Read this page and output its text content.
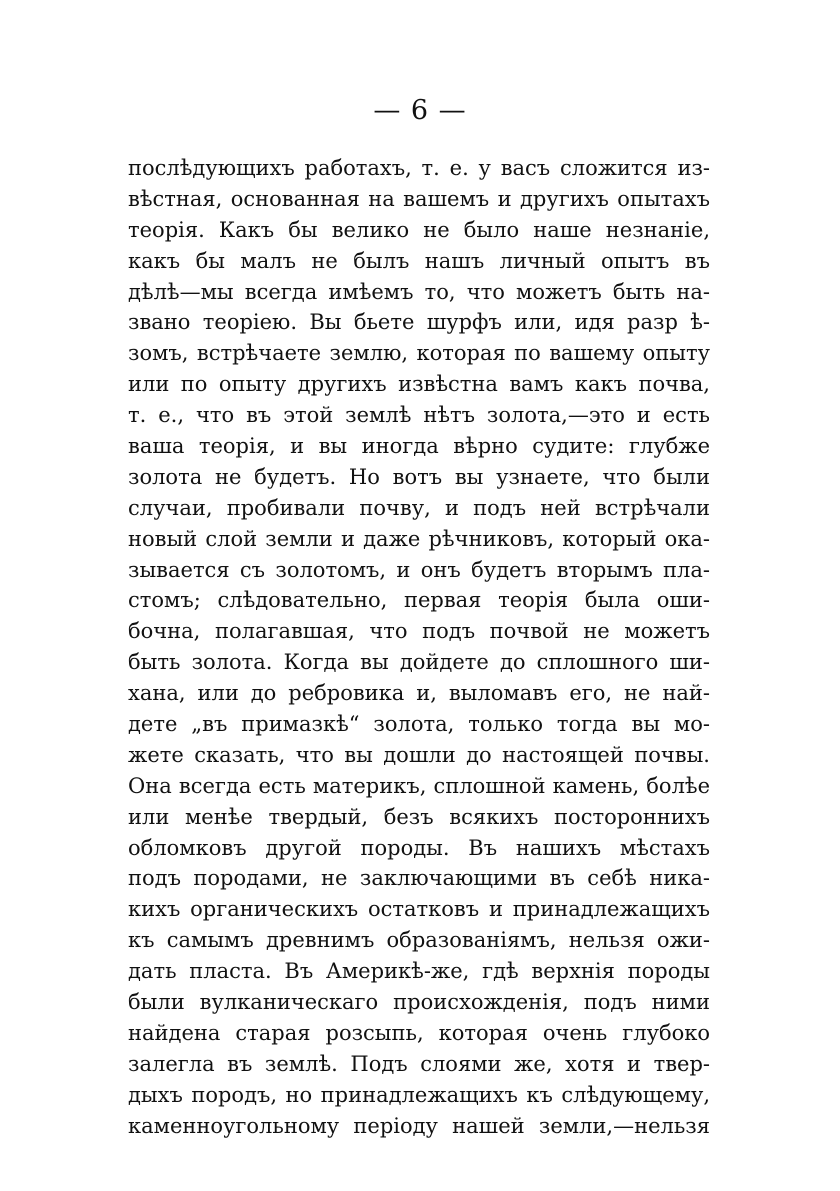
— 6 —
послѣдующихъ работахъ, т. е. у васъ сложится из-
вѣстная, основанная на вашемъ и другихъ опытахъ
теорія. Какъ бы велико не было наше незнаніе,
какъ бы малъ не былъ нашъ личный опытъ въ
дѣлѣ—мы всегда имѣемъ то, что можетъ быть на-
звано теоріею. Вы бьете шурфъ или, идя разр ѣ-
зомъ, встрѣчаете землю, которая по вашему опыту
или по опыту другихъ извѣстна вамъ какъ почва,
т. е., что въ этой землѣ нѣтъ золота,—это и есть
ваша теорія, и вы иногда вѣрно судите: глубже
золота не будетъ. Но вотъ вы узнаете, что были
случаи, пробивали почву, и подъ ней встрѣчали
новый слой земли и даже рѣчниковъ, который ока-
зывается съ золотомъ, и онъ будетъ вторымъ пла-
стомъ; слѣдовательно, первая теорія была оши-
бочна, полагавшая, что подъ почвой не можетъ
быть золота. Когда вы дойдете до сплошного ши-
хана, или до ребровика и, выломавъ его, не най-
дете „въ примазкѣ“ золота, только тогда вы мо-
жете сказать, что вы дошли до настоящей почвы.
Она всегда есть материкъ, сплошной камень, болѣе
или менѣе твердый, безъ всякихъ постороннихъ
обломковъ другой породы. Въ нашихъ мѣстахъ
подъ породами, не заключающими въ себѣ ника-
кихъ органическихъ остатковъ и принадлежащихъ
къ самымъ древнимъ образованіямъ, нельзя ожи-
дать пласта. Въ Америкѣ-же, гдѣ верхнія породы
были вулканическаго происхожденія, подъ ними
найдена старая розсыпь, которая очень глубоко
залегла въ землѣ. Подъ слоями же, хотя и твер-
дыхъ породъ, но принадлежащихъ къ слѣдующему,
каменноугольному періоду нашей земли,—нельзя
